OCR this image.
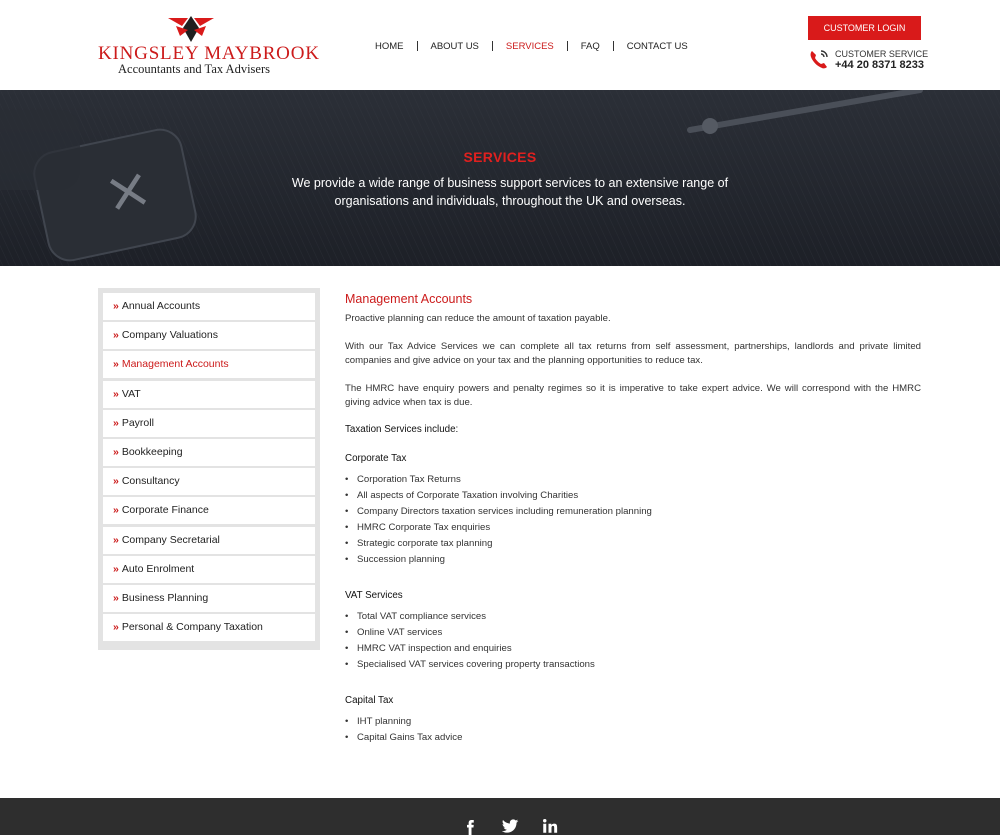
KINGSLEY MAYBROOK
Accountants and Tax Advisers
HOME	ABOUT US	SERVICES	FAQ	CONTACT US
CUSTOMER LOGIN
CUSTOMER SERVICE
+44 20 8371 8233
×	SERVICES
We provide a wide range of business support services to an extensive range of organisations and individuals, throughout the UK and overseas.
» Annual Accounts
» Company Valuations
» Management Accounts
» VAT
» Payroll
» Bookkeeping
» Consultancy
» Corporate Finance
» Company Secretarial
» Auto Enrolment
» Business Planning
» Personal & Company Taxation
Management Accounts

Proactive planning can reduce the amount of taxation payable.

With our Tax Advice Services we can complete all tax returns from self assessment, partnerships, landlords and private limited companies and give advice on your tax and the planning opportunities to reduce tax.

The HMRC have enquiry powers and penalty regimes so it is imperative to take expert advice. We will correspond with the HMRC giving advice when tax is due.

Taxation Services include:
Corporate Tax
• Corporation Tax Returns
• All aspects of Corporate Taxation involving Charities
• Company Directors taxation services including remuneration planning
• HMRC Corporate Tax enquiries
• Strategic corporate tax planning
• Succession planning
VAT Services
• Total VAT compliance services
• Online VAT services
• HMRC VAT inspection and enquiries
• Specialised VAT services covering property transactions
Capital Tax
• IHT planning
• Capital Gains Tax advice
